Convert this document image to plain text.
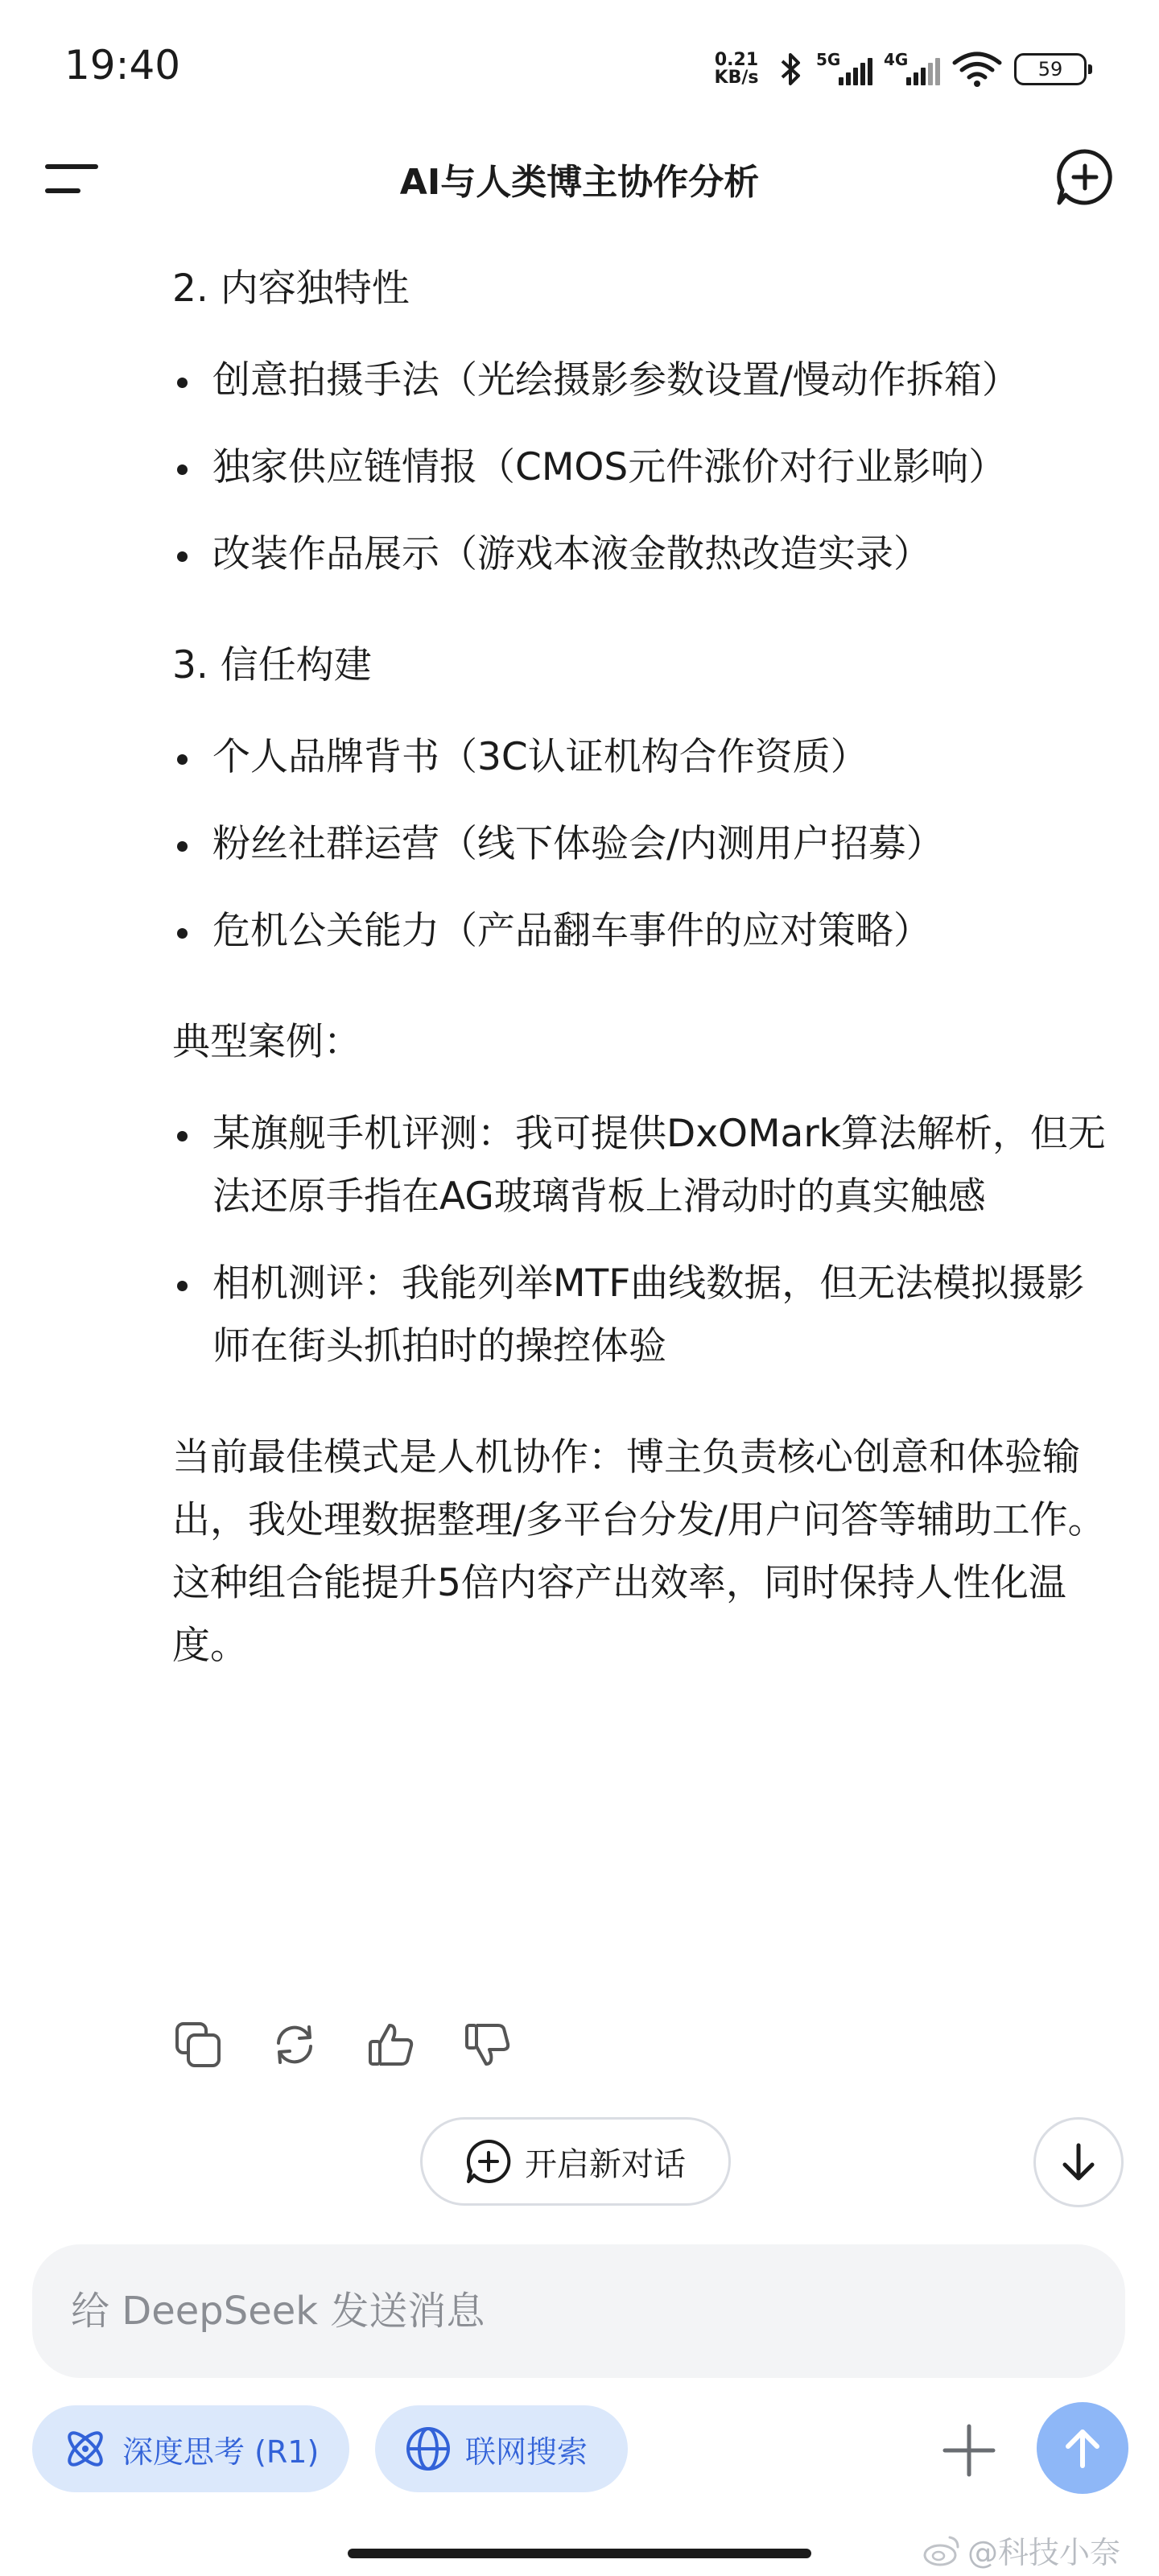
19:40	0.21
KB/s
5G	4G	59
AI与人类博主协作分析
2. 内容独特性
创意拍摄手法（光绘摄影参数设置/慢动作拆箱）
独家供应链情报（CMOS元件涨价对行业影响）
改装作品展示（游戏本液金散热改造实录）
3. 信任构建
个人品牌背书（3C认证机构合作资质）
粉丝社群运营（线下体验会/内测用户招募）
危机公关能力（产品翻车事件的应对策略）
典型案例：
某旗舰手机评测：我可提供DxOMark算法解析，但无法还原手指在AG玻璃背板上滑动时的真实触感
相机测评：我能列举MTF曲线数据，但无法模拟摄影师在街头抓拍时的操控体验
当前最佳模式是人机协作：博主负责核心创意和体验输出，我处理数据整理/多平台分发/用户问答等辅助工作。这种组合能提升5倍内容产出效率，同时保持人性化温度。
开启新对话
给 DeepSeek 发送消息
深度思考 (R1)	联网搜索
@科技小奈
